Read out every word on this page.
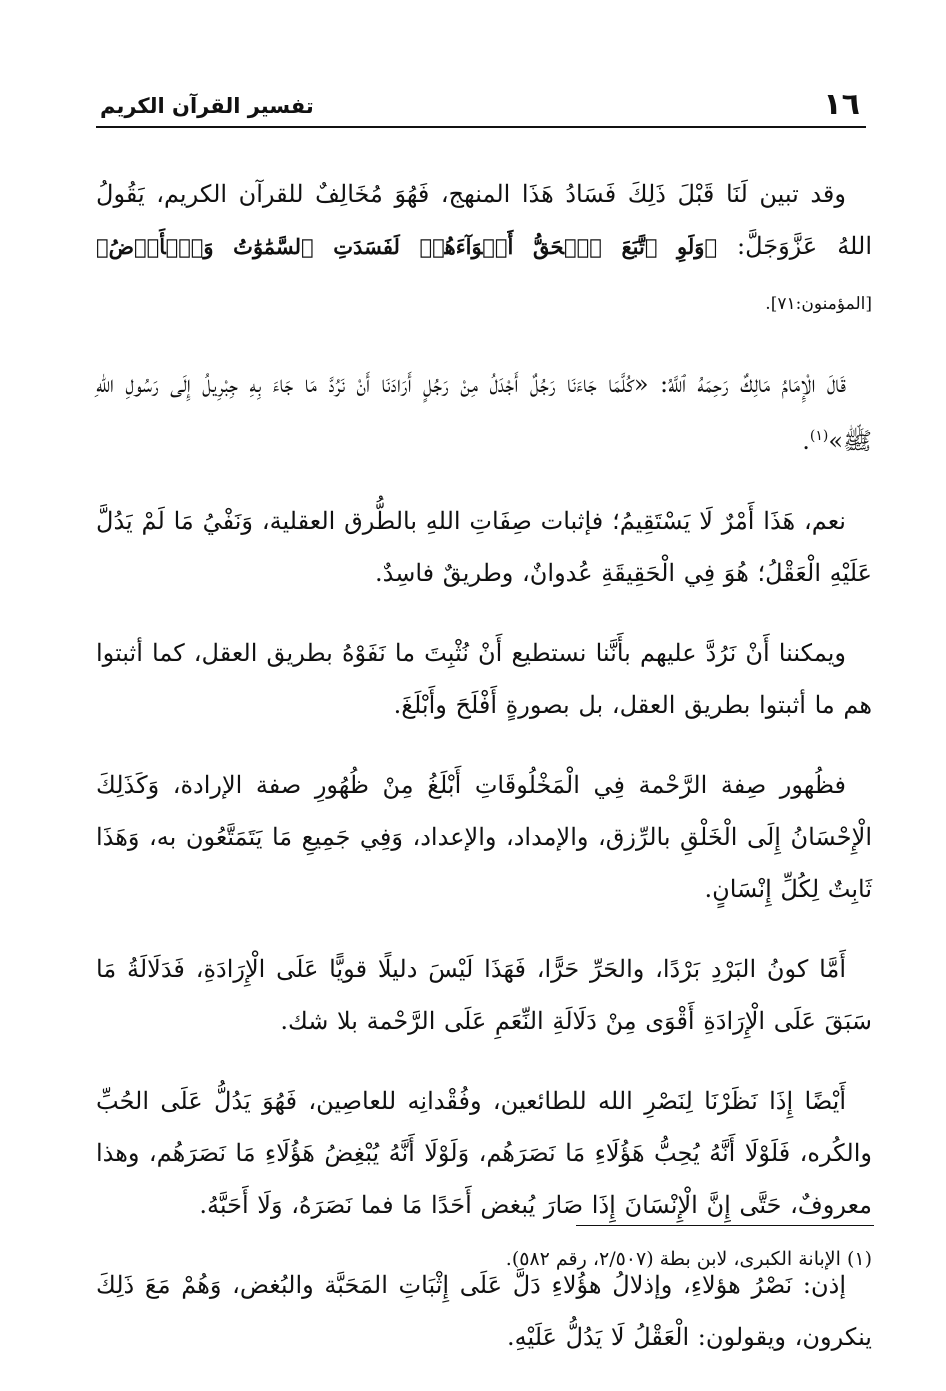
١٦
تفسير القرآن الكريم

وقد تبين لَنَا قَبْلَ ذَلِكَ فَسَادُ هَذَا المنهج، فَهُوَ مُخَالِفٌ للقرآن الكريم، يَقُولُ اللهُ عَزَّوَجَلَّ: ﴿وَلَوِ ٱتَّبَعَ ٱلۡحَقُّ أَهۡوَآءَهُمۡ لَفَسَدَتِ ٱلسَّمَٰوَٰتُ وَٱلۡأَرۡضُ﴾ [المؤمنون:٧١].

قَالَ الْإِمَامُ مَالِكٌ رَحِمَهُ ٱللَّهُ: «كُلَّمَا جَاءَنَا رَجُلٌ أَجْدَلُ مِنْ رَجُلٍ أَرَادَنَا أَنْ نَرُدَّ مَا جَاءَ بِهِ جِبْرِيلُ إِلَى رَسُولِ اللهِ ﷺ»$^{(١)}$.

نعم، هَذَا أَمْرٌ لَا يَسْتَقِيمُ؛ فإثبات صِفَاتِ اللهِ بالطُّرق العقلية، وَنَفْيُ مَا لَمْ يَدُلَّ عَلَيْهِ الْعَقْلُ؛ هُوَ فِي الْحَقِيقَةِ عُدوانٌ، وطريقٌ فاسِدٌ.

ويمكننا أَنْ نَرُدَّ عليهم بأَنَّنا نستطيع أَنْ نُثْبِتَ ما نَفَوْهُ بطريق العقل، كما أثبتوا هم ما أثبتوا بطريق العقل، بل بصورةٍ أَفْلَحَ وأَبْلَغَ.

فظُهور صِفة الرَّحْمة فِي الْمَخْلُوقَاتِ أَبْلَغُ مِنْ ظُهُورِ صفة الإرادة، وَكَذَلِكَ الْإِحْسَانُ إِلَى الْخَلْقِ بالرِّزق، والإمداد، والإعداد، وَفِي جَمِيعِ مَا يَتَمَتَّعُون به، وَهَذَا ثَابِتٌ لِكُلِّ إِنْسَانٍ.

أَمَّا كونُ البَرْدِ بَرْدًا، والحَرِّ حَرًّا، فَهَذَا لَيْسَ دليلًا قويًّا عَلَى الْإِرَادَةِ، فَدَلَالَةُ مَا سَبَقَ عَلَى الْإِرَادَةِ أَقْوَى مِنْ دَلَالَةِ النِّعَمِ عَلَى الرَّحْمة بلا شك.

أَيْضًا إِذَا نَظَرْنَا لِنَصْرِ الله للطائعين، وفُقْدانِه للعاصِين، فَهُوَ يَدُلُّ عَلَى الحُبِّ والكُره، فَلَوْلَا أَنَّهُ يُحِبُّ هَؤُلَاءِ مَا نَصَرَهُم، وَلَوْلَا أَنَّهُ يُبْغِضُ هَؤُلَاءِ مَا نَصَرَهُم، وهذا معروفٌ، حَتَّى إِنَّ الْإِنْسَانَ إِذَا صَارَ يُبغض أَحَدًا مَا فما نَصَرَهُ، وَلَا أَحَبَّهُ.

إذن: نَصْرُ هؤلاءِ، وإذلالُ هؤُلاءِ دَلَّ عَلَى إِثْبَاتِ المَحَبَّة والبُغض، وَهُمْ مَعَ ذَلِكَ ينكرون، ويقولون: الْعَقْلُ لَا يَدُلُّ عَلَيْهِ.

(١) الإبانة الكبرى، لابن بطة (٢/٥٠٧، رقم ٥٨٢).
